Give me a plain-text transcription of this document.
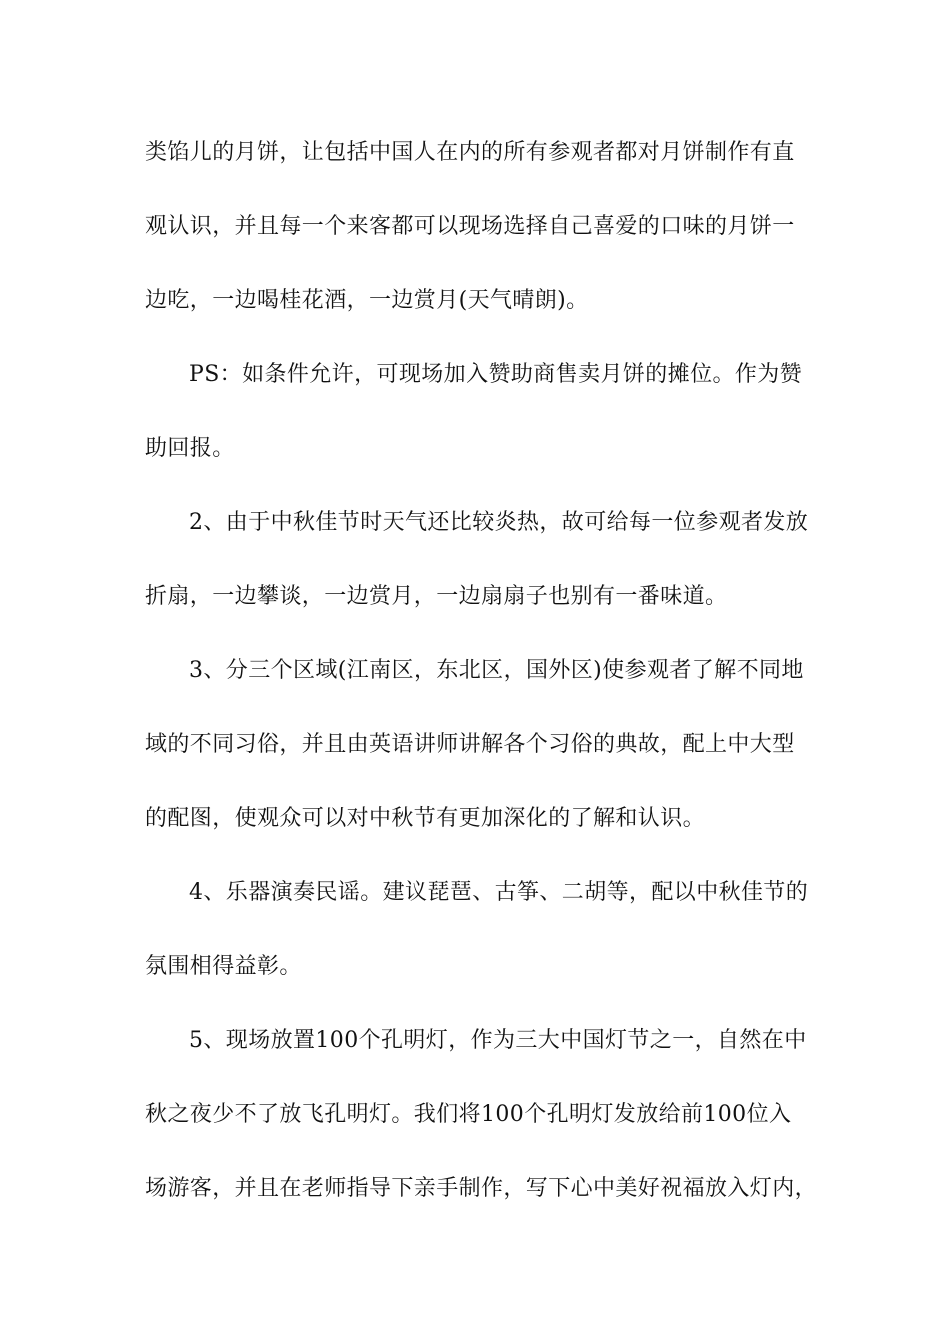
类馅儿的月饼，让包括中国人在内的所有参观者都对月饼制作有直
观认识，并且每一个来客都可以现场选择自己喜爱的口味的月饼一
边吃，一边喝桂花酒，一边赏月(天气晴朗)。
PS：如条件允许，可现场加入赞助商售卖月饼的摊位。作为赞
助回报。
2、由于中秋佳节时天气还比较炎热，故可给每一位参观者发放
折扇，一边攀谈，一边赏月，一边扇扇子也别有一番味道。
3、分三个区域(江南区，东北区，国外区)使参观者了解不同地
域的不同习俗，并且由英语讲师讲解各个习俗的典故，配上中大型
的配图，使观众可以对中秋节有更加深化的了解和认识。
4、乐器演奏民谣。建议琵琶、古筝、二胡等，配以中秋佳节的
氛围相得益彰。
5、现场放置100个孔明灯，作为三大中国灯节之一，自然在中
秋之夜少不了放飞孔明灯。我们将100个孔明灯发放给前100位入
场游客，并且在老师指导下亲手制作，写下心中美好祝福放入灯内，
